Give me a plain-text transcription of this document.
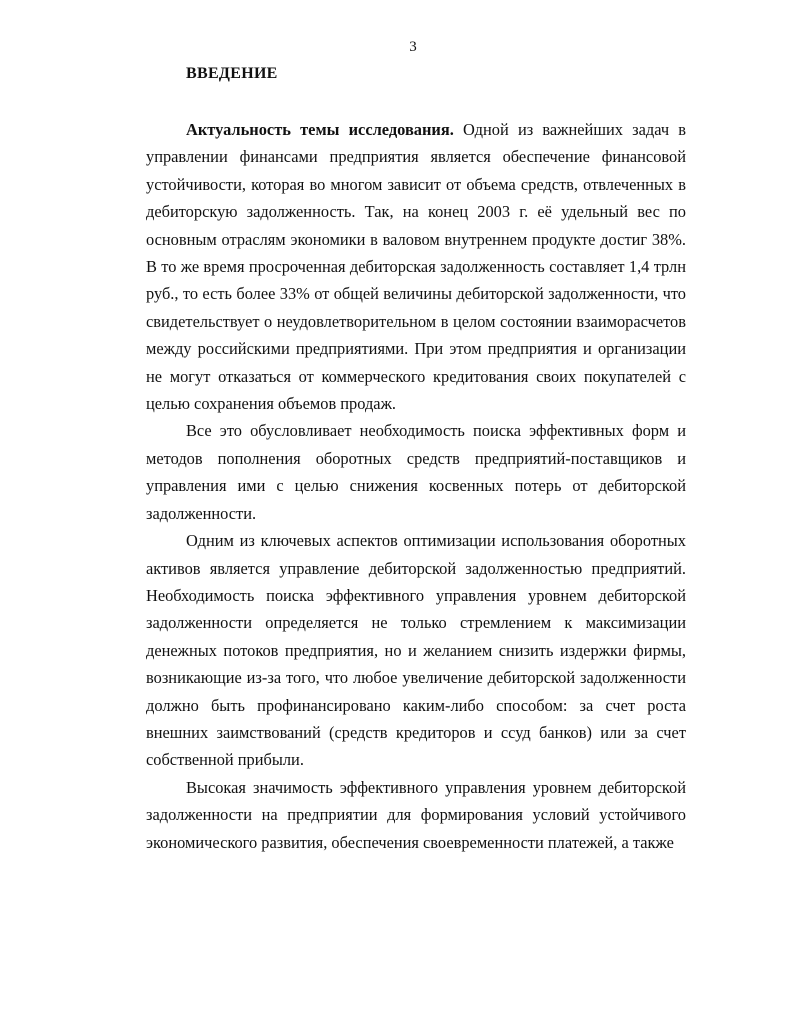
3
ВВЕДЕНИЕ

Актуальность темы исследования. Одной из важнейших задач в управлении финансами предприятия является обеспечение финансовой устойчивости, которая во многом зависит от объема средств, отвлеченных в дебиторскую задолженность. Так, на конец 2003 г. её удельный вес по основным отраслям экономики в валовом внутреннем продукте достиг 38%. В то же время просроченная дебиторская задолженность составляет 1,4 трлн руб., то есть более 33% от общей величины дебиторской задолженности, что свидетельствует о неудовлетворительном в целом состоянии взаиморасчетов между российскими предприятиями. При этом предприятия и организации не могут отказаться от коммерческого кредитования своих покупателей с целью сохранения объемов продаж.

Все это обусловливает необходимость поиска эффективных форм и методов пополнения оборотных средств предприятий-поставщиков и управления ими с целью снижения косвенных потерь от дебиторской задолженности.

Одним из ключевых аспектов оптимизации использования оборотных активов является управление дебиторской задолженностью предприятий. Необходимость поиска эффективного управления уровнем дебиторской задолженности определяется не только стремлением к максимизации денежных потоков предприятия, но и желанием снизить издержки фирмы, возникающие из-за того, что любое увеличение дебиторской задолженности должно быть профинансировано каким-либо способом: за счет роста внешних заимствований (средств кредиторов и ссуд банков) или за счет собственной прибыли.

Высокая значимость эффективного управления уровнем дебиторской задолженности на предприятии для формирования условий устойчивого экономического развития, обеспечения своевременности платежей, а также
